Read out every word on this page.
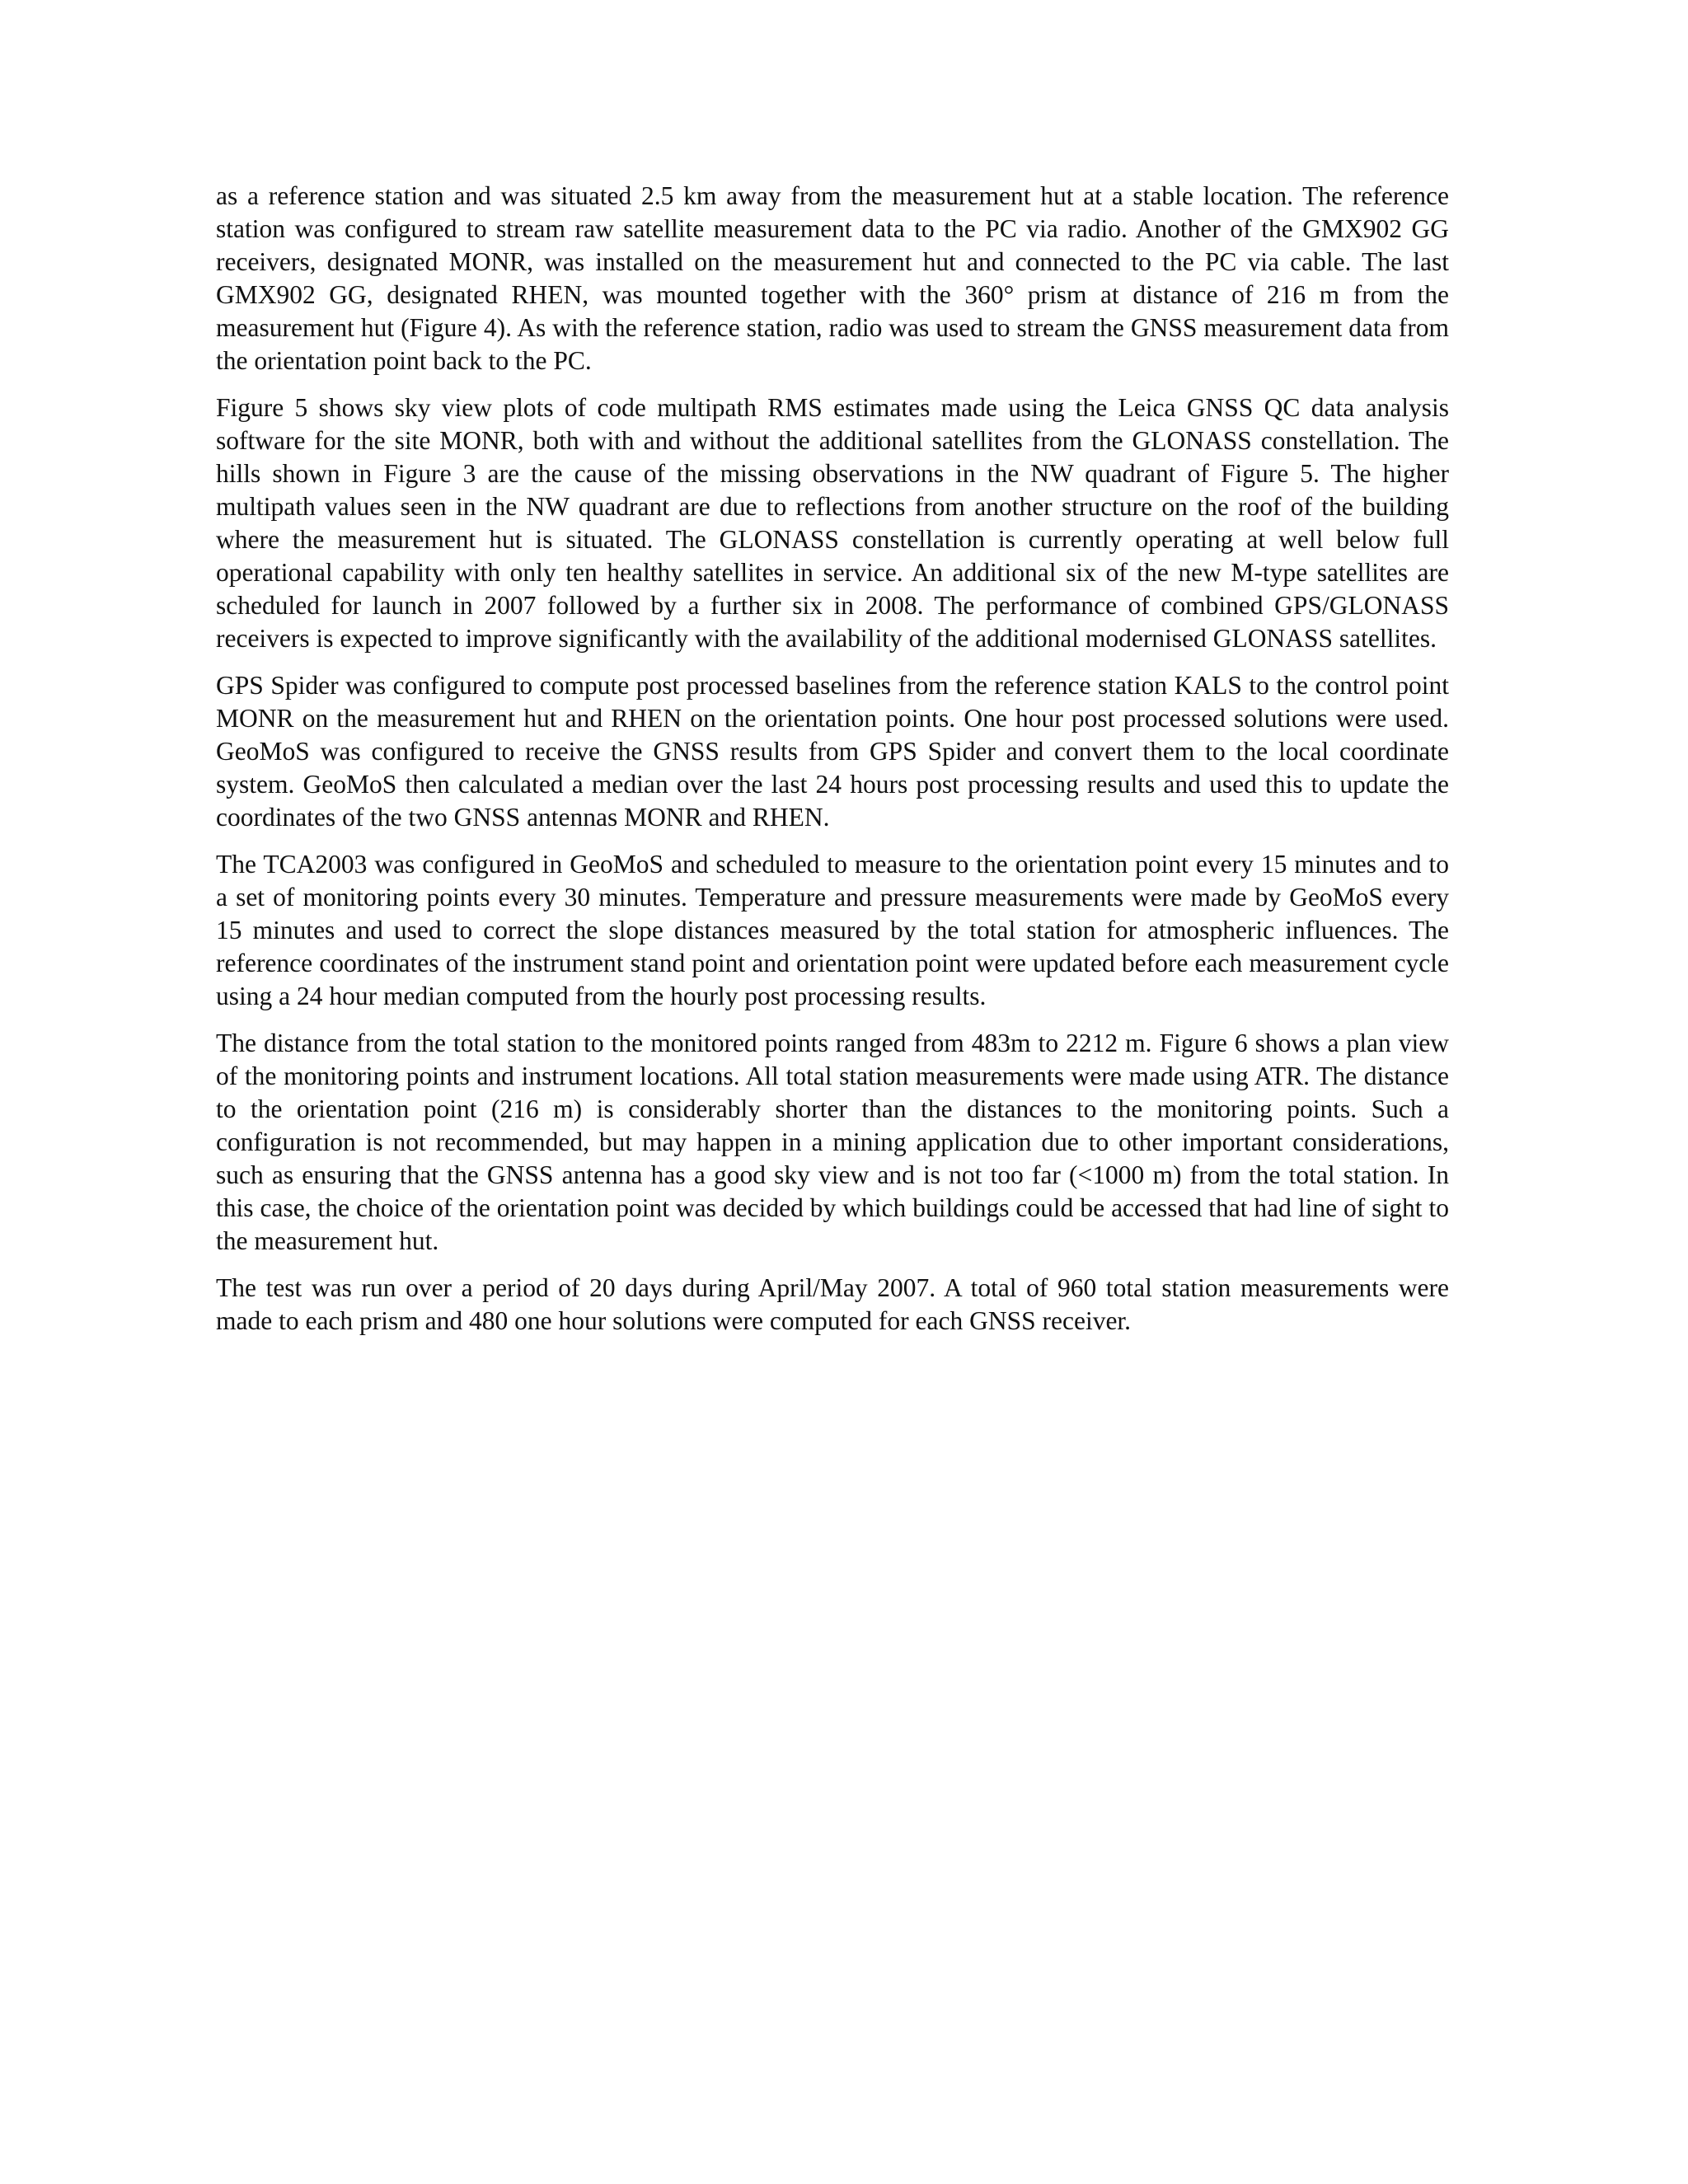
as a reference station and was situated 2.5 km away from the measurement hut at a stable location. The reference station was configured to stream raw satellite measurement data to the PC via radio. Another of the GMX902 GG receivers, designated MONR, was installed on the measurement hut and connected to the PC via cable. The last GMX902 GG, designated RHEN, was mounted together with the 360° prism at distance of 216 m from the measurement hut (Figure 4). As with the reference station, radio was used to stream the GNSS measurement data from the orientation point back to the PC.

Figure 5 shows sky view plots of code multipath RMS estimates made using the Leica GNSS QC data analysis software for the site MONR, both with and without the additional satellites from the GLONASS constellation. The hills shown in Figure 3 are the cause of the missing observations in the NW quadrant of Figure 5. The higher multipath values seen in the NW quadrant are due to reflections from another structure on the roof of the building where the measurement hut is situated. The GLONASS constellation is currently operating at well below full operational capability with only ten healthy satellites in service. An additional six of the new M-type satellites are scheduled for launch in 2007 followed by a further six in 2008. The performance of combined GPS/GLONASS receivers is expected to improve significantly with the availability of the additional modernised GLONASS satellites.

GPS Spider was configured to compute post processed baselines from the reference station KALS to the control point MONR on the measurement hut and RHEN on the orientation points. One hour post processed solutions were used. GeoMoS was configured to receive the GNSS results from GPS Spider and convert them to the local coordinate system. GeoMoS then calculated a median over the last 24 hours post processing results and used this to update the coordinates of the two GNSS antennas MONR and RHEN.

The TCA2003 was configured in GeoMoS and scheduled to measure to the orientation point every 15 minutes and to a set of monitoring points every 30 minutes. Temperature and pressure measurements were made by GeoMoS every 15 minutes and used to correct the slope distances measured by the total station for atmospheric influences. The reference coordinates of the instrument stand point and orientation point were updated before each measurement cycle using a 24 hour median computed from the hourly post processing results.

The distance from the total station to the monitored points ranged from 483m to 2212 m. Figure 6 shows a plan view of the monitoring points and instrument locations. All total station measurements were made using ATR. The distance to the orientation point (216 m) is considerably shorter than the distances to the monitoring points. Such a configuration is not recommended, but may happen in a mining application due to other important considerations, such as ensuring that the GNSS antenna has a good sky view and is not too far (<1000 m) from the total station. In this case, the choice of the orientation point was decided by which buildings could be accessed that had line of sight to the measurement hut.

The test was run over a period of 20 days during April/May 2007. A total of 960 total station measurements were made to each prism and 480 one hour solutions were computed for each GNSS receiver.
